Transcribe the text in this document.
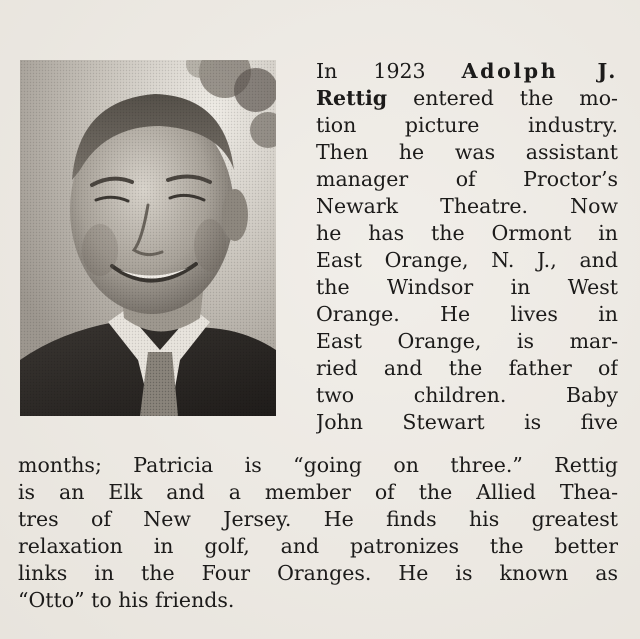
In 1923 Adolph J.
Rettig entered the mo-
tion picture industry.
Then he was assistant
manager of Proctor’s
Newark Theatre. Now
he has the Ormont in
East Orange, N. J., and
the Windsor in West
Orange. He lives in
East Orange, is mar-
ried and the father of
two children. Baby
John Stewart is five
months; Patricia is “going on three.” Rettig
is an Elk and a member of the Allied Thea-
tres of New Jersey. He finds his greatest
relaxation in golf, and patronizes the better
links in the Four Oranges. He is known as
“Otto” to his friends.
